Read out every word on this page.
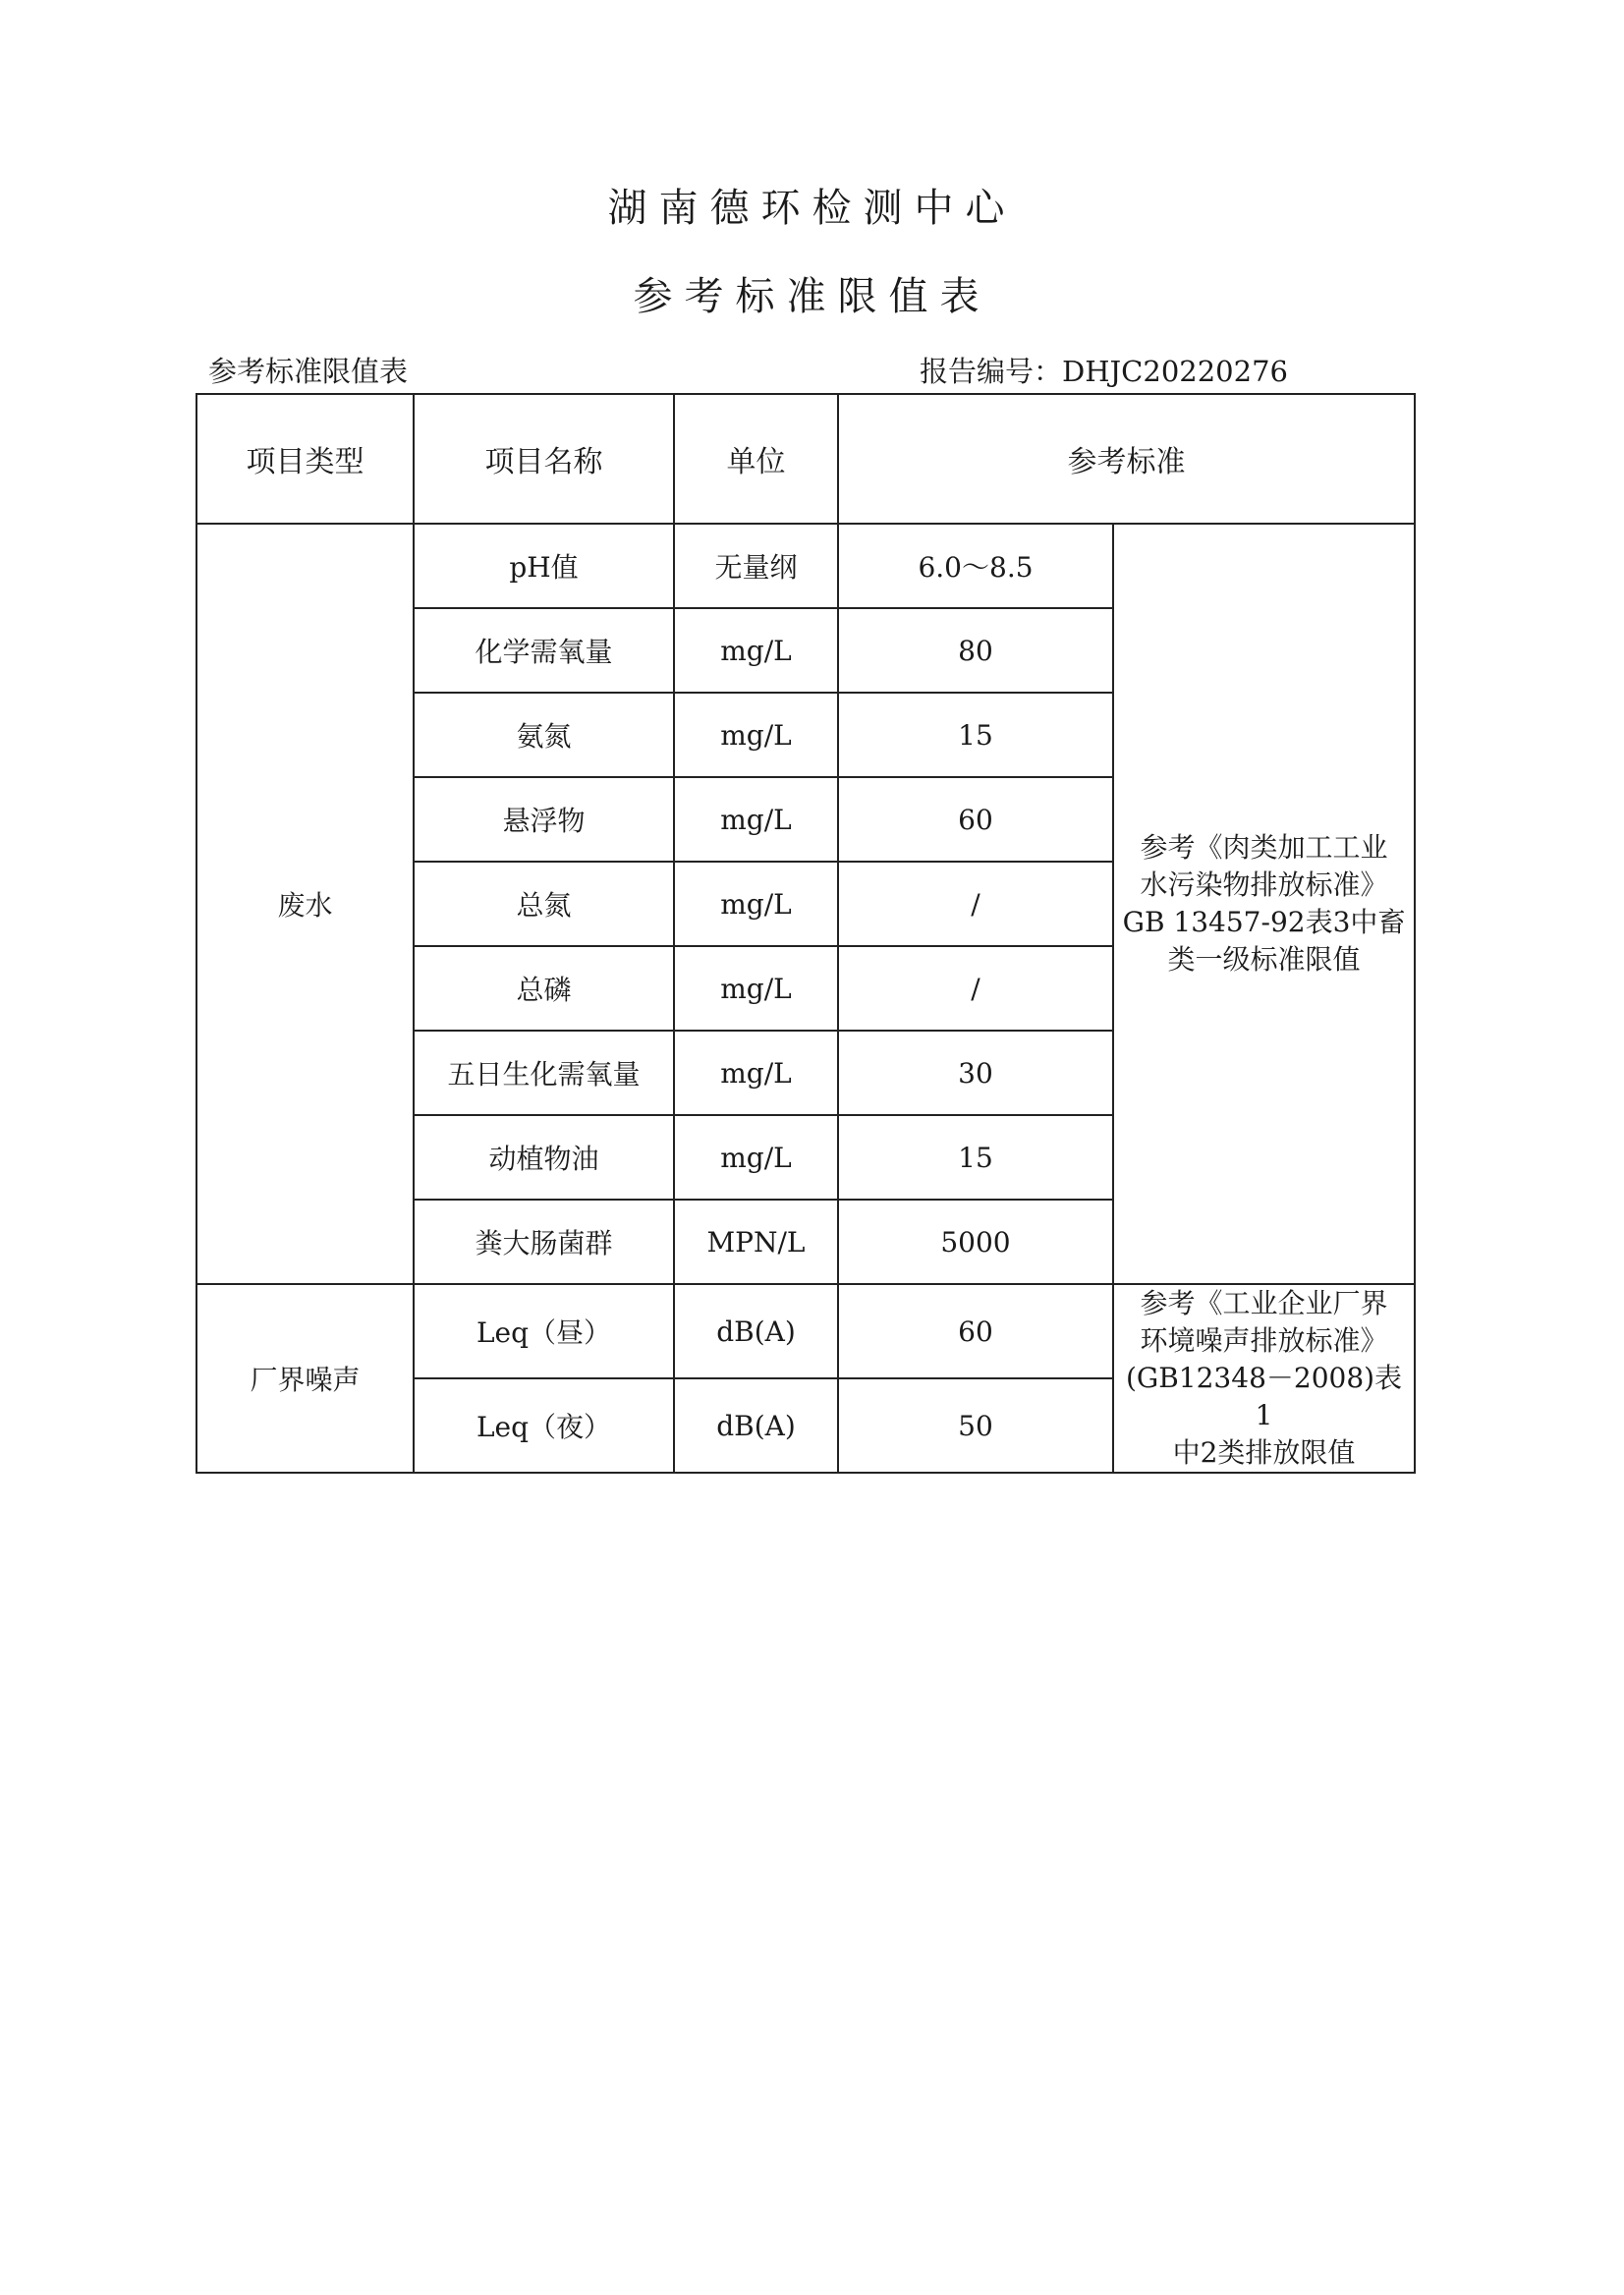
湖南德环检测中心
参考标准限值表
参考标准限值表	报告编号：DHJC20220276
项目类型	项目名称	单位	参考标准	
废水	pH值	无量纲	6.0～8.5	参考《肉类加工工业
水污染物排放标准》
GB 13457-92表3中畜
类一级标准限值

	化学需氧量	mg/L	80	
	氨氮	mg/L	15	
	悬浮物	mg/L	60	
	总氮	mg/L	/	
	总磷	mg/L	/	
	五日生化需氧量	mg/L	30	
	动植物油	mg/L	15	
	粪大肠菌群	MPN/L	5000	
厂界噪声	Leq（昼）	dB(A)	60	参考《工业企业厂界
环境噪声排放标准》
(GB12348－2008)表1
中2类排放限值

	Leq（夜）	dB(A)	50	
